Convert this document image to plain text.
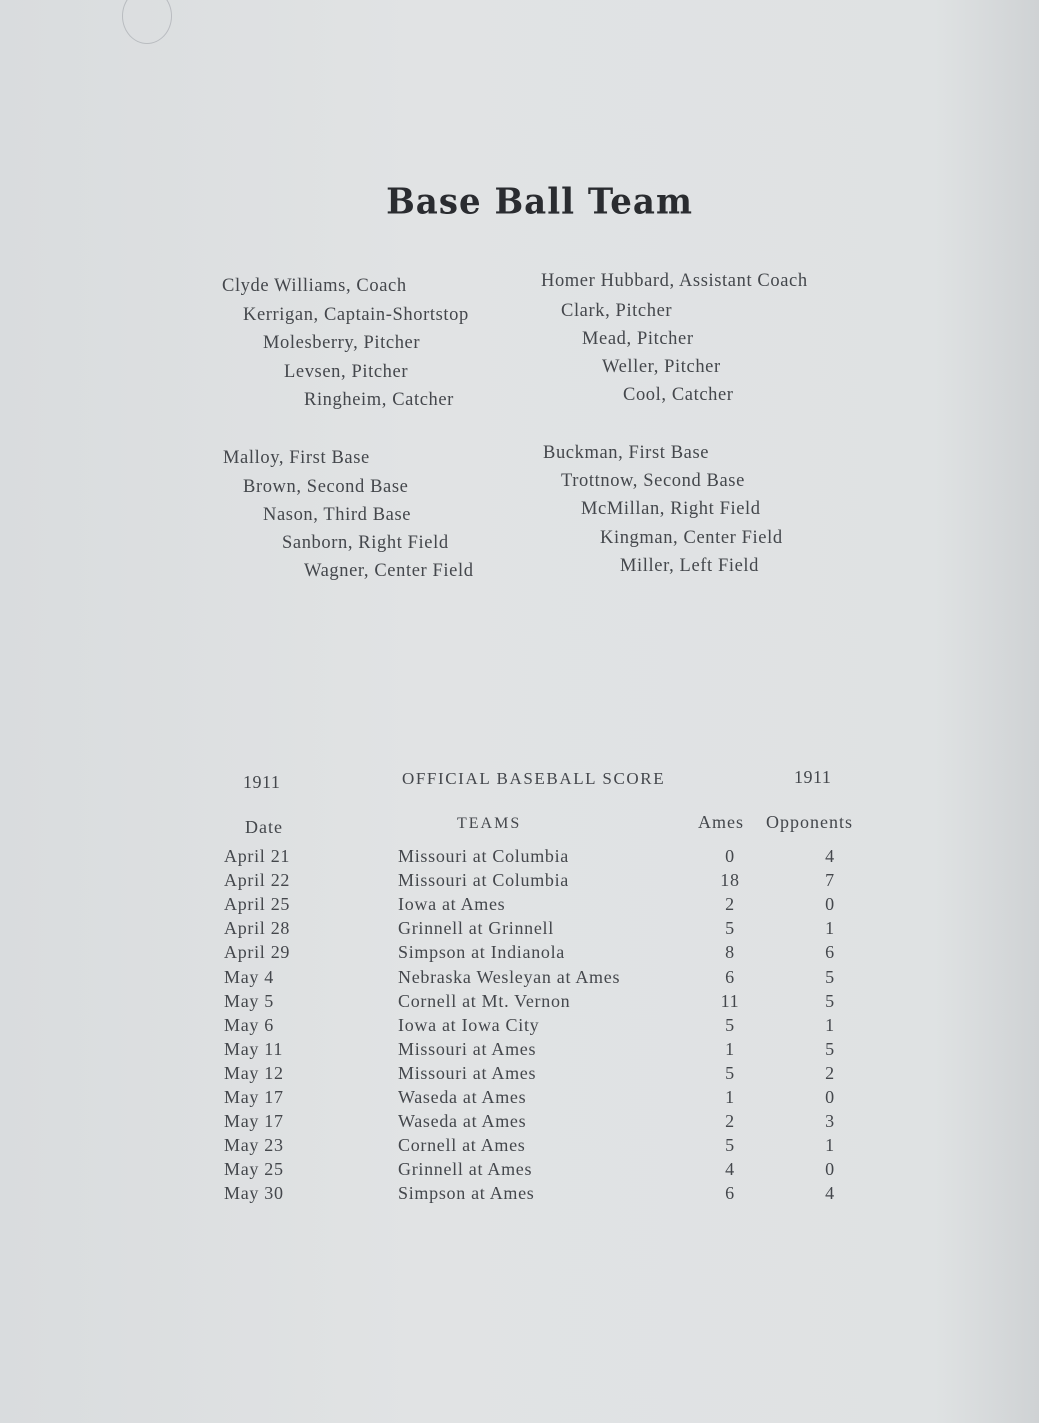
Base Ball Team
Clyde Williams, Coach
Kerrigan, Captain-Shortstop
Molesberry, Pitcher
Levsen, Pitcher
Ringheim, Catcher
Homer Hubbard, Assistant Coach
Clark, Pitcher
Mead, Pitcher
Weller, Pitcher
Cool, Catcher
Malloy, First Base
Brown, Second Base
Nason, Third Base
Sanborn, Right Field
Wagner, Center Field
Buckman, First Base
Trottnow, Second Base
McMillan, Right Field
Kingman, Center Field
Miller, Left Field
1911	OFFICIAL BASEBALL SCORE	1911
Date	TEAMS	Ames Opponents
April 21	Missouri at Columbia	0	4
April 22	Missouri at Columbia	18	7
April 25	Iowa at Ames	2	0
April 28	Grinnell at Grinnell	5	1
April 29	Simpson at Indianola	8	6
May 4	Nebraska Wesleyan at Ames	6	5
May 5	Cornell at Mt. Vernon	11	5
May 6	Iowa at Iowa City	5	1
May 11	Missouri at Ames	1	5
May 12	Missouri at Ames	5	2
May 17	Waseda at Ames	1	0
May 17	Waseda at Ames	2	3
May 23	Cornell at Ames	5	1
May 25	Grinnell at Ames	4	0
May 30	Simpson at Ames	6	4
